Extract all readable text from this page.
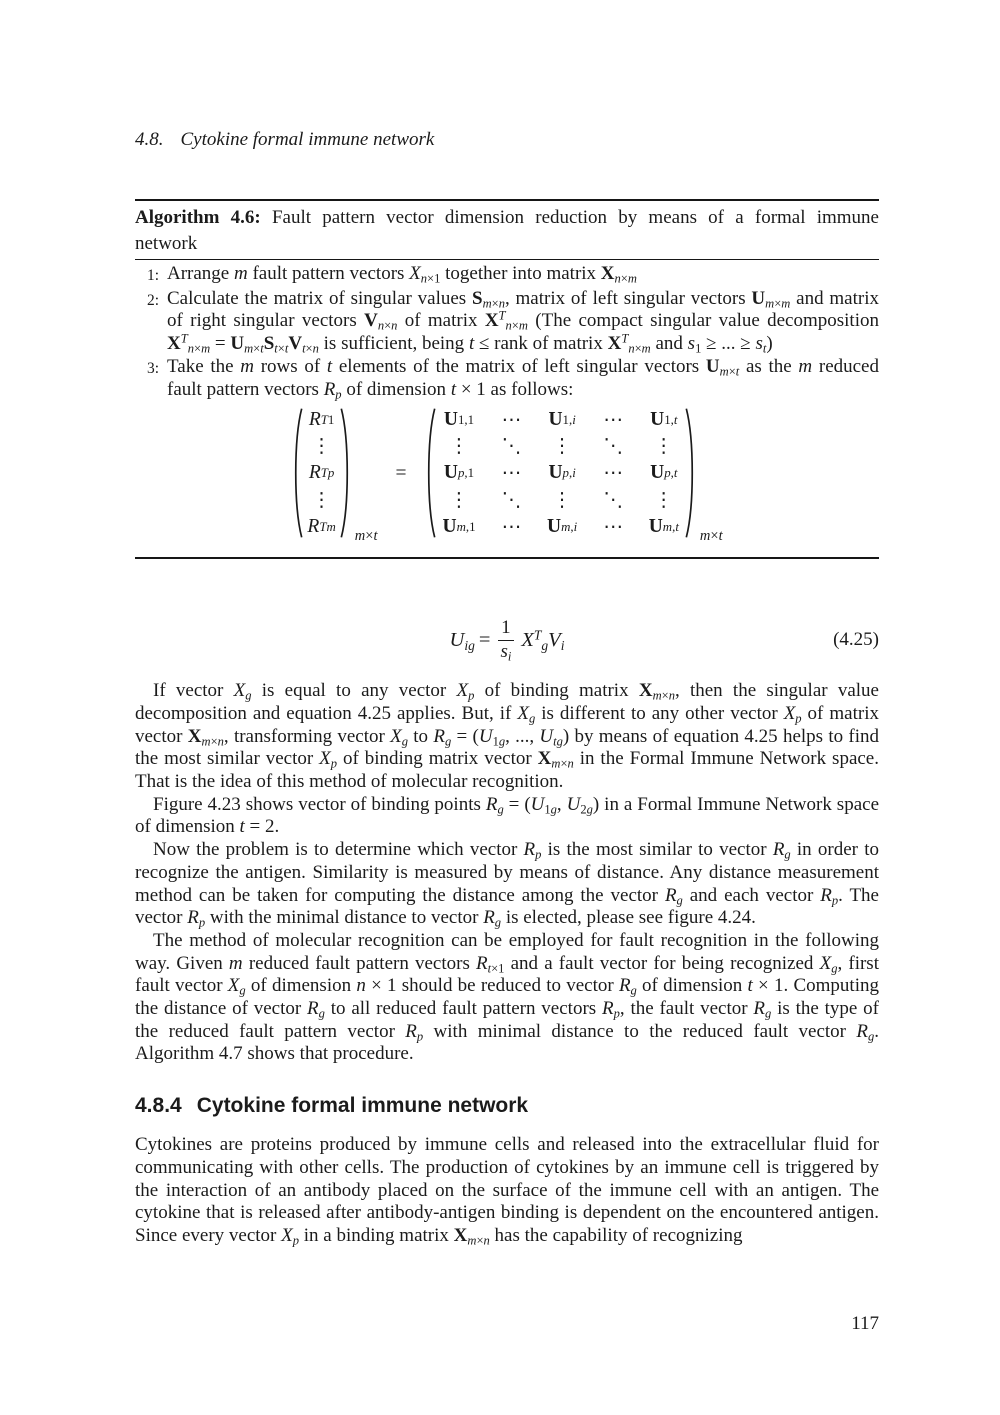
4.8. Cytokine formal immune network
Algorithm 4.6: Fault pattern vector dimension reduction by means of a formal immune
network
1: Arrange m fault pattern vectors $X_{n\times 1}$ together into matrix $X_{n\times m}$
2: Calculate the matrix of singular values $S_{m\times n}$, matrix of left singular vectors $U_{m\times m}$ and matrix of right singular vectors $V_{n\times n}$ of matrix $X^T_{n\times m}$ (The compact singular value decomposition $X^T_{n\times m} = U_{m\times t}S_{t\times t}V_{t\times n}$ is sufficient, being t ≤ rank of matrix $X^T_{n\times m}$ and $s_1$ ≥ ... ≥ $s_t$)
3: Take the m rows of t elements of the matrix of left singular vectors $U_{m\times t}$ as the m reduced fault pattern vectors $R_p$ of dimension t × 1 as follows:
R T 1
⋮
R T p
⋮
R T m
m×t
=
U 1,1 ⋯ U 1,i ⋯ U 1,t
⋮	⋱ ⋮ ⋱ ⋮
U p,1 ⋯ U p,i ⋯ U p,t
⋮	⋱ ⋮ ⋱ ⋮
U m,1 ⋯ U m,i ⋯ U m,t
m×t
$U_{ig} = \frac{1}{s_i} X^T_gV_i$	(4.25)
If vector $X_g$ is equal to any vector $X_p$ of binding matrix $X_{m\times n}$, then the singular value decomposition and equation 4.25 applies. But, if $X_g$ is different to any other vector $X_p$ of matrix vector $X_{m\times n}$, transforming vector $X_g$ to $R_g = (U_{1g}$, ..., $U_{tg}$) by means of equation 4.25 helps to find the most similar vector $X_p$ of binding matrix vector $X_{m\times n}$ in the Formal Immune Network space. That is the idea of this method of molecular recognition.
Figure 4.23 shows vector of binding points $R_g = (U_{1g}$, $U_{2g}$) in a Formal Immune Network space of dimension t = 2.
Now the problem is to determine which vector $R_p$ is the most similar to vector $R_g$ in order to recognize the antigen. Similarity is measured by means of distance. Any distance measurement method can be taken for computing the distance among the vector $R_g$ and each vector $R_p$. The vector $R_p$ with the minimal distance to vector $R_g$ is elected, please see figure 4.24.
The method of molecular recognition can be employed for fault recognition in the following way. Given m reduced fault pattern vectors $R_{t\times 1}$ and a fault vector for being recognized $X_g$, first fault vector $X_g$ of dimension n × 1 should be reduced to vector $R_g$ of dimension t × 1. Computing the distance of vector $R_g$ to all reduced fault pattern vectors $R_p$, the fault vector $R_g$ is the type of the reduced fault pattern vector $R_p$ with minimal distance to the reduced fault vector $R_g$. Algorithm 4.7 shows that procedure.
4.8.4 Cytokine formal immune network
Cytokines are proteins produced by immune cells and released into the extracellular fluid for communicating with other cells. The production of cytokines by an immune cell is triggered by the interaction of an antibody placed on the surface of the immune cell with an antigen. The cytokine that is released after antibody-antigen binding is dependent on the encountered antigen. Since every vector $X_p$ in a binding matrix $X_{m\times n}$ has the capability of recognizing
117
